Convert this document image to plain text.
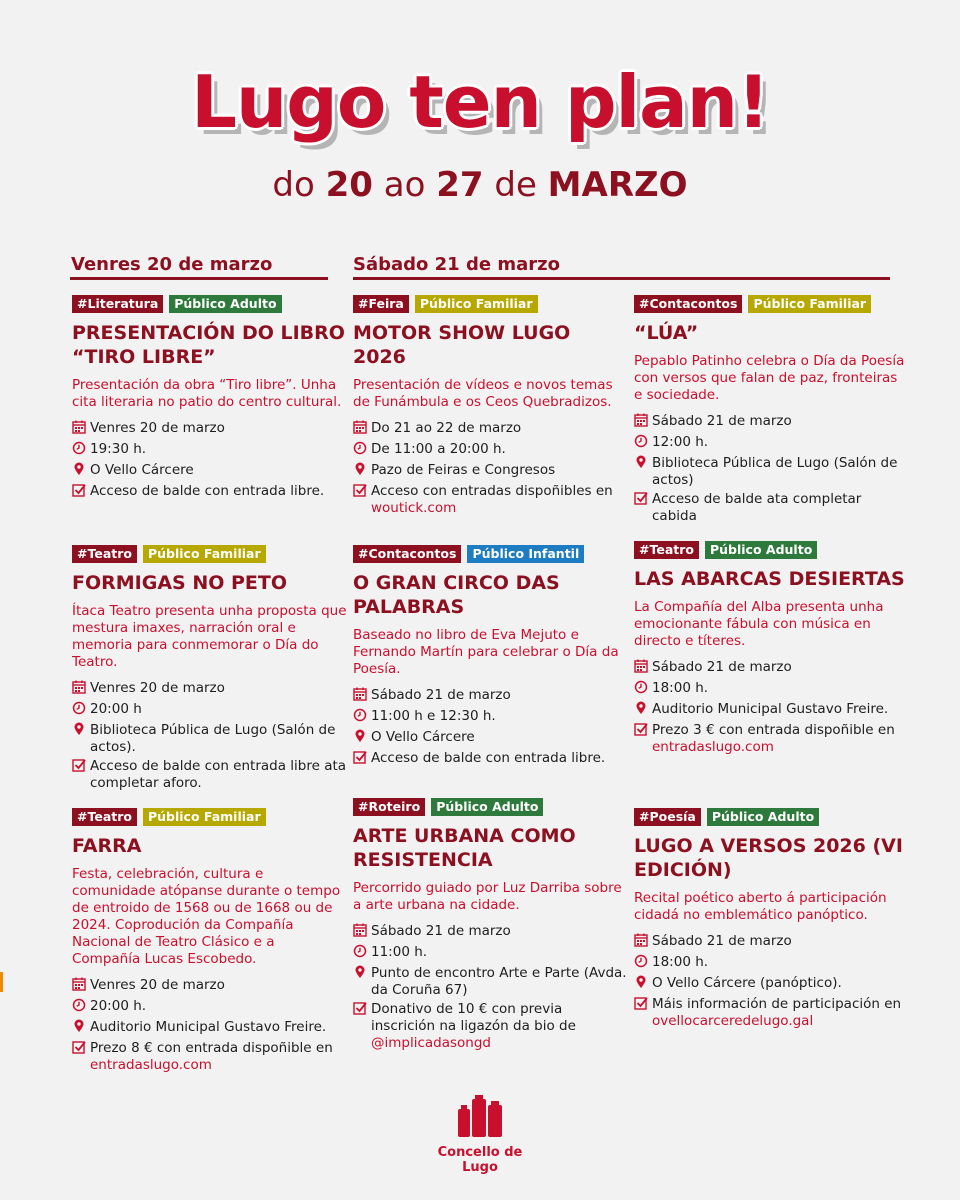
Lugo ten plan!
do 20 ao 27 de MARZO
Venres 20 de marzo	Sábado 21 de marzo
#Literatura	Público Adulto
PRESENTACIÓN DO LIBRO “TIRO LIBRE”
Presentación da obra “Tiro libre”. Unha cita literaria no patio do centro cultural.
Venres 20 de marzo
19:30 h.
O Vello Cárcere
Acceso de balde con entrada libre.
#Teatro	Público Familiar
FORMIGAS NO PETO
Ítaca Teatro presenta unha proposta que mestura imaxes, narración oral e memoria para conmemorar o Día do Teatro.
Venres 20 de marzo
20:00 h
Biblioteca Pública de Lugo (Salón de actos).
Acceso de balde con entrada libre ata completar aforo.
#Teatro	Público Familiar
FARRA
Festa, celebración, cultura e comunidade atópanse durante o tempo de entroido de 1568 ou de 1668 ou de 2024. Coprodución da Compañía Nacional de Teatro Clásico e a Compañía Lucas Escobedo.
Venres 20 de marzo
20:00 h.
Auditorio Municipal Gustavo Freire.
Prezo 8 € con entrada dispoñible en entradaslugo.com
#Feira	Público Familiar
MOTOR SHOW LUGO 2026
Presentación de vídeos e novos temas de Funámbula e os Ceos Quebradizos.
Do 21 ao 22 de marzo
De 11:00 a 20:00 h.
Pazo de Feiras e Congresos
Acceso con entradas dispoñibles en woutick.com
#Contacontos	Público Infantil
O GRAN CIRCO DAS PALABRAS
Baseado no libro de Eva Mejuto e Fernando Martín para celebrar o Día da Poesía.
Sábado 21 de marzo
11:00 h e 12:30 h.
O Vello Cárcere
Acceso de balde con entrada libre.
#Roteiro	Público Adulto
ARTE URBANA COMO RESISTENCIA
Percorrido guiado por Luz Darriba sobre a arte urbana na cidade.
Sábado 21 de marzo
11:00 h.
Punto de encontro Arte e Parte (Avda. da Coruña 67)
Donativo de 10 € con previa inscrición na ligazón da bio de @implicadasongd
#Contacontos	Público Familiar
“LÚA”
Pepablo Patinho celebra o Día da Poesía con versos que falan de paz, fronteiras e sociedade.
Sábado 21 de marzo
12:00 h.
Biblioteca Pública de Lugo (Salón de actos)
Acceso de balde ata completar cabida
#Teatro	Público Adulto
LAS ABARCAS DESIERTAS
La Compañía del Alba presenta unha emocionante fábula con música en directo e títeres.
Sábado 21 de marzo
18:00 h.
Auditorio Municipal Gustavo Freire.
Prezo 3 € con entrada dispoñible en entradaslugo.com
#Poesía	Público Adulto
LUGO A VERSOS 2026 (VI EDICIÓN)
Recital poético aberto á participación cidadá no emblemático panóptico.
Sábado 21 de marzo
18:00 h.
O Vello Cárcere (panóptico).
Máis información de participación en ovellocarceredelugo.gal
Concello de Lugo
